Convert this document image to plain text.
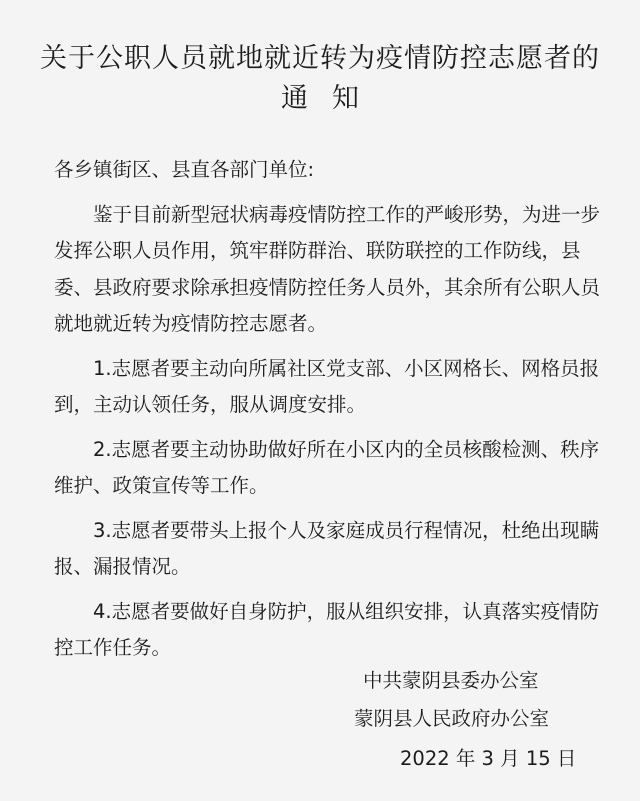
关于公职人员就地就近转为疫情防控志愿者的
通知

各乡镇街区、县直各部门单位:

鉴于目前新型冠状病毒疫情防控工作的严峻形势，为进一步发挥公职人员作用，筑牢群防群治、联防联控的工作防线，县委、县政府要求除承担疫情防控任务人员外，其余所有公职人员就地就近转为疫情防控志愿者。

1.志愿者要主动向所属社区党支部、小区网格长、网格员报到，主动认领任务，服从调度安排。

2.志愿者要主动协助做好所在小区内的全员核酸检测、秩序维护、政策宣传等工作。

3.志愿者要带头上报个人及家庭成员行程情况，杜绝出现瞒报、漏报情况。

4.志愿者要做好自身防护，服从组织安排，认真落实疫情防控工作任务。

中共蒙阴县委办公室
蒙阴县人民政府办公室
2022 年 3 月 15 日
